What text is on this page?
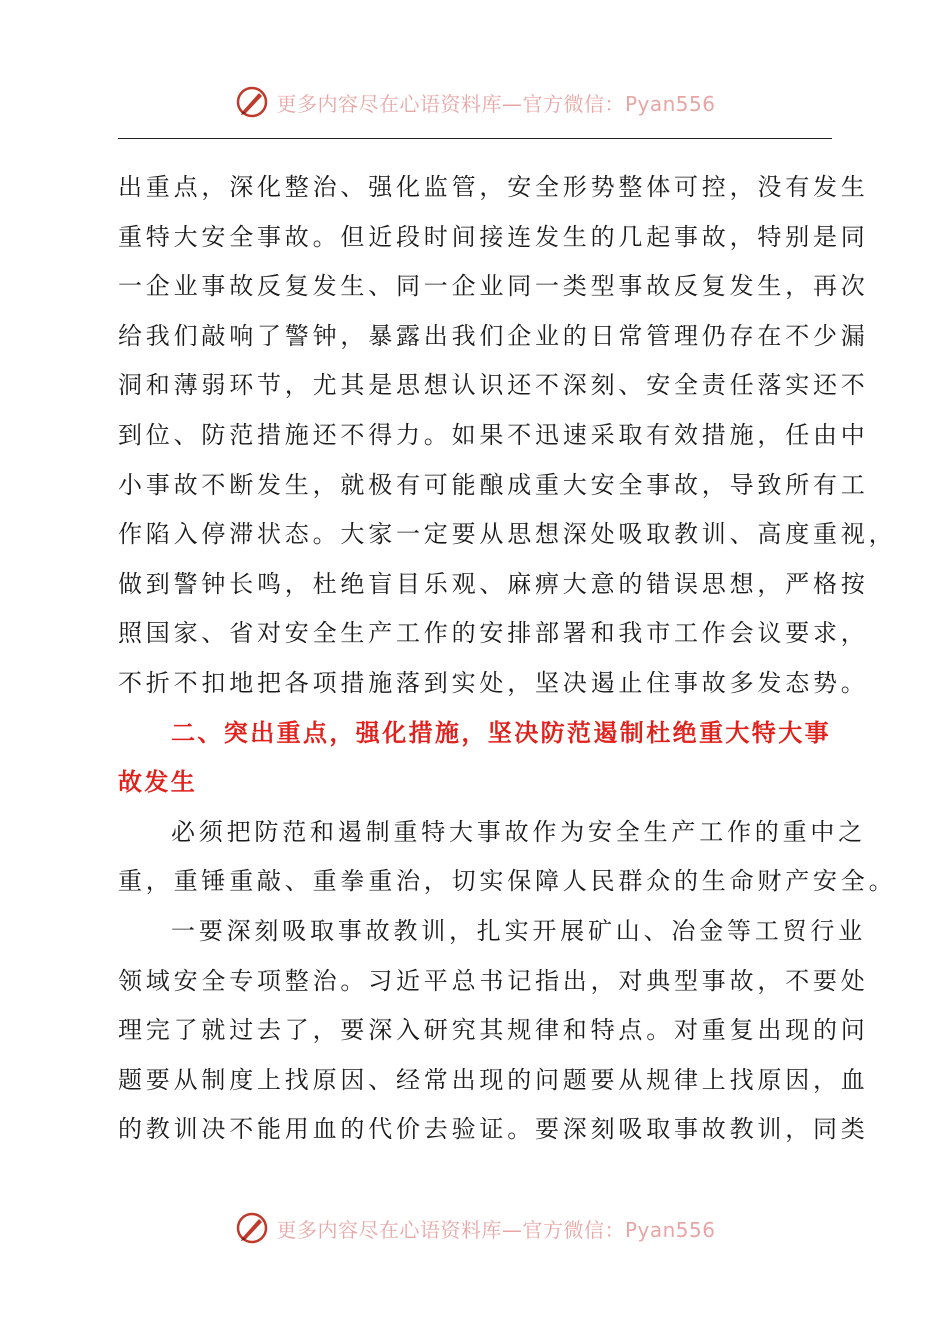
更多内容尽在心语资料库—官方微信：Pyan556

出重点，深化整治、强化监管，安全形势整体可控，没有发生

重特大安全事故。但近段时间接连发生的几起事故，特别是同

一企业事故反复发生、同一企业同一类型事故反复发生，再次

给我们敲响了警钟，暴露出我们企业的日常管理仍存在不少漏

洞和薄弱环节，尤其是思想认识还不深刻、安全责任落实还不

到位、防范措施还不得力。如果不迅速采取有效措施，任由中

小事故不断发生，就极有可能酿成重大安全事故，导致所有工

作陷入停滞状态。大家一定要从思想深处吸取教训、高度重视，

做到警钟长鸣，杜绝盲目乐观、麻痹大意的错误思想，严格按

照国家、省对安全生产工作的安排部署和我市工作会议要求，

不折不扣地把各项措施落到实处，坚决遏止住事故多发态势。

二、突出重点，强化措施，坚决防范遏制杜绝重大特大事

故发生

必须把防范和遏制重特大事故作为安全生产工作的重中之

重，重锤重敲、重拳重治，切实保障人民群众的生命财产安全。

一要深刻吸取事故教训，扎实开展矿山、冶金等工贸行业

领域安全专项整治。习近平总书记指出，对典型事故，不要处

理完了就过去了，要深入研究其规律和特点。对重复出现的问

题要从制度上找原因、经常出现的问题要从规律上找原因，血

的教训决不能用血的代价去验证。要深刻吸取事故教训，同类

更多内容尽在心语资料库—官方微信：Pyan556
